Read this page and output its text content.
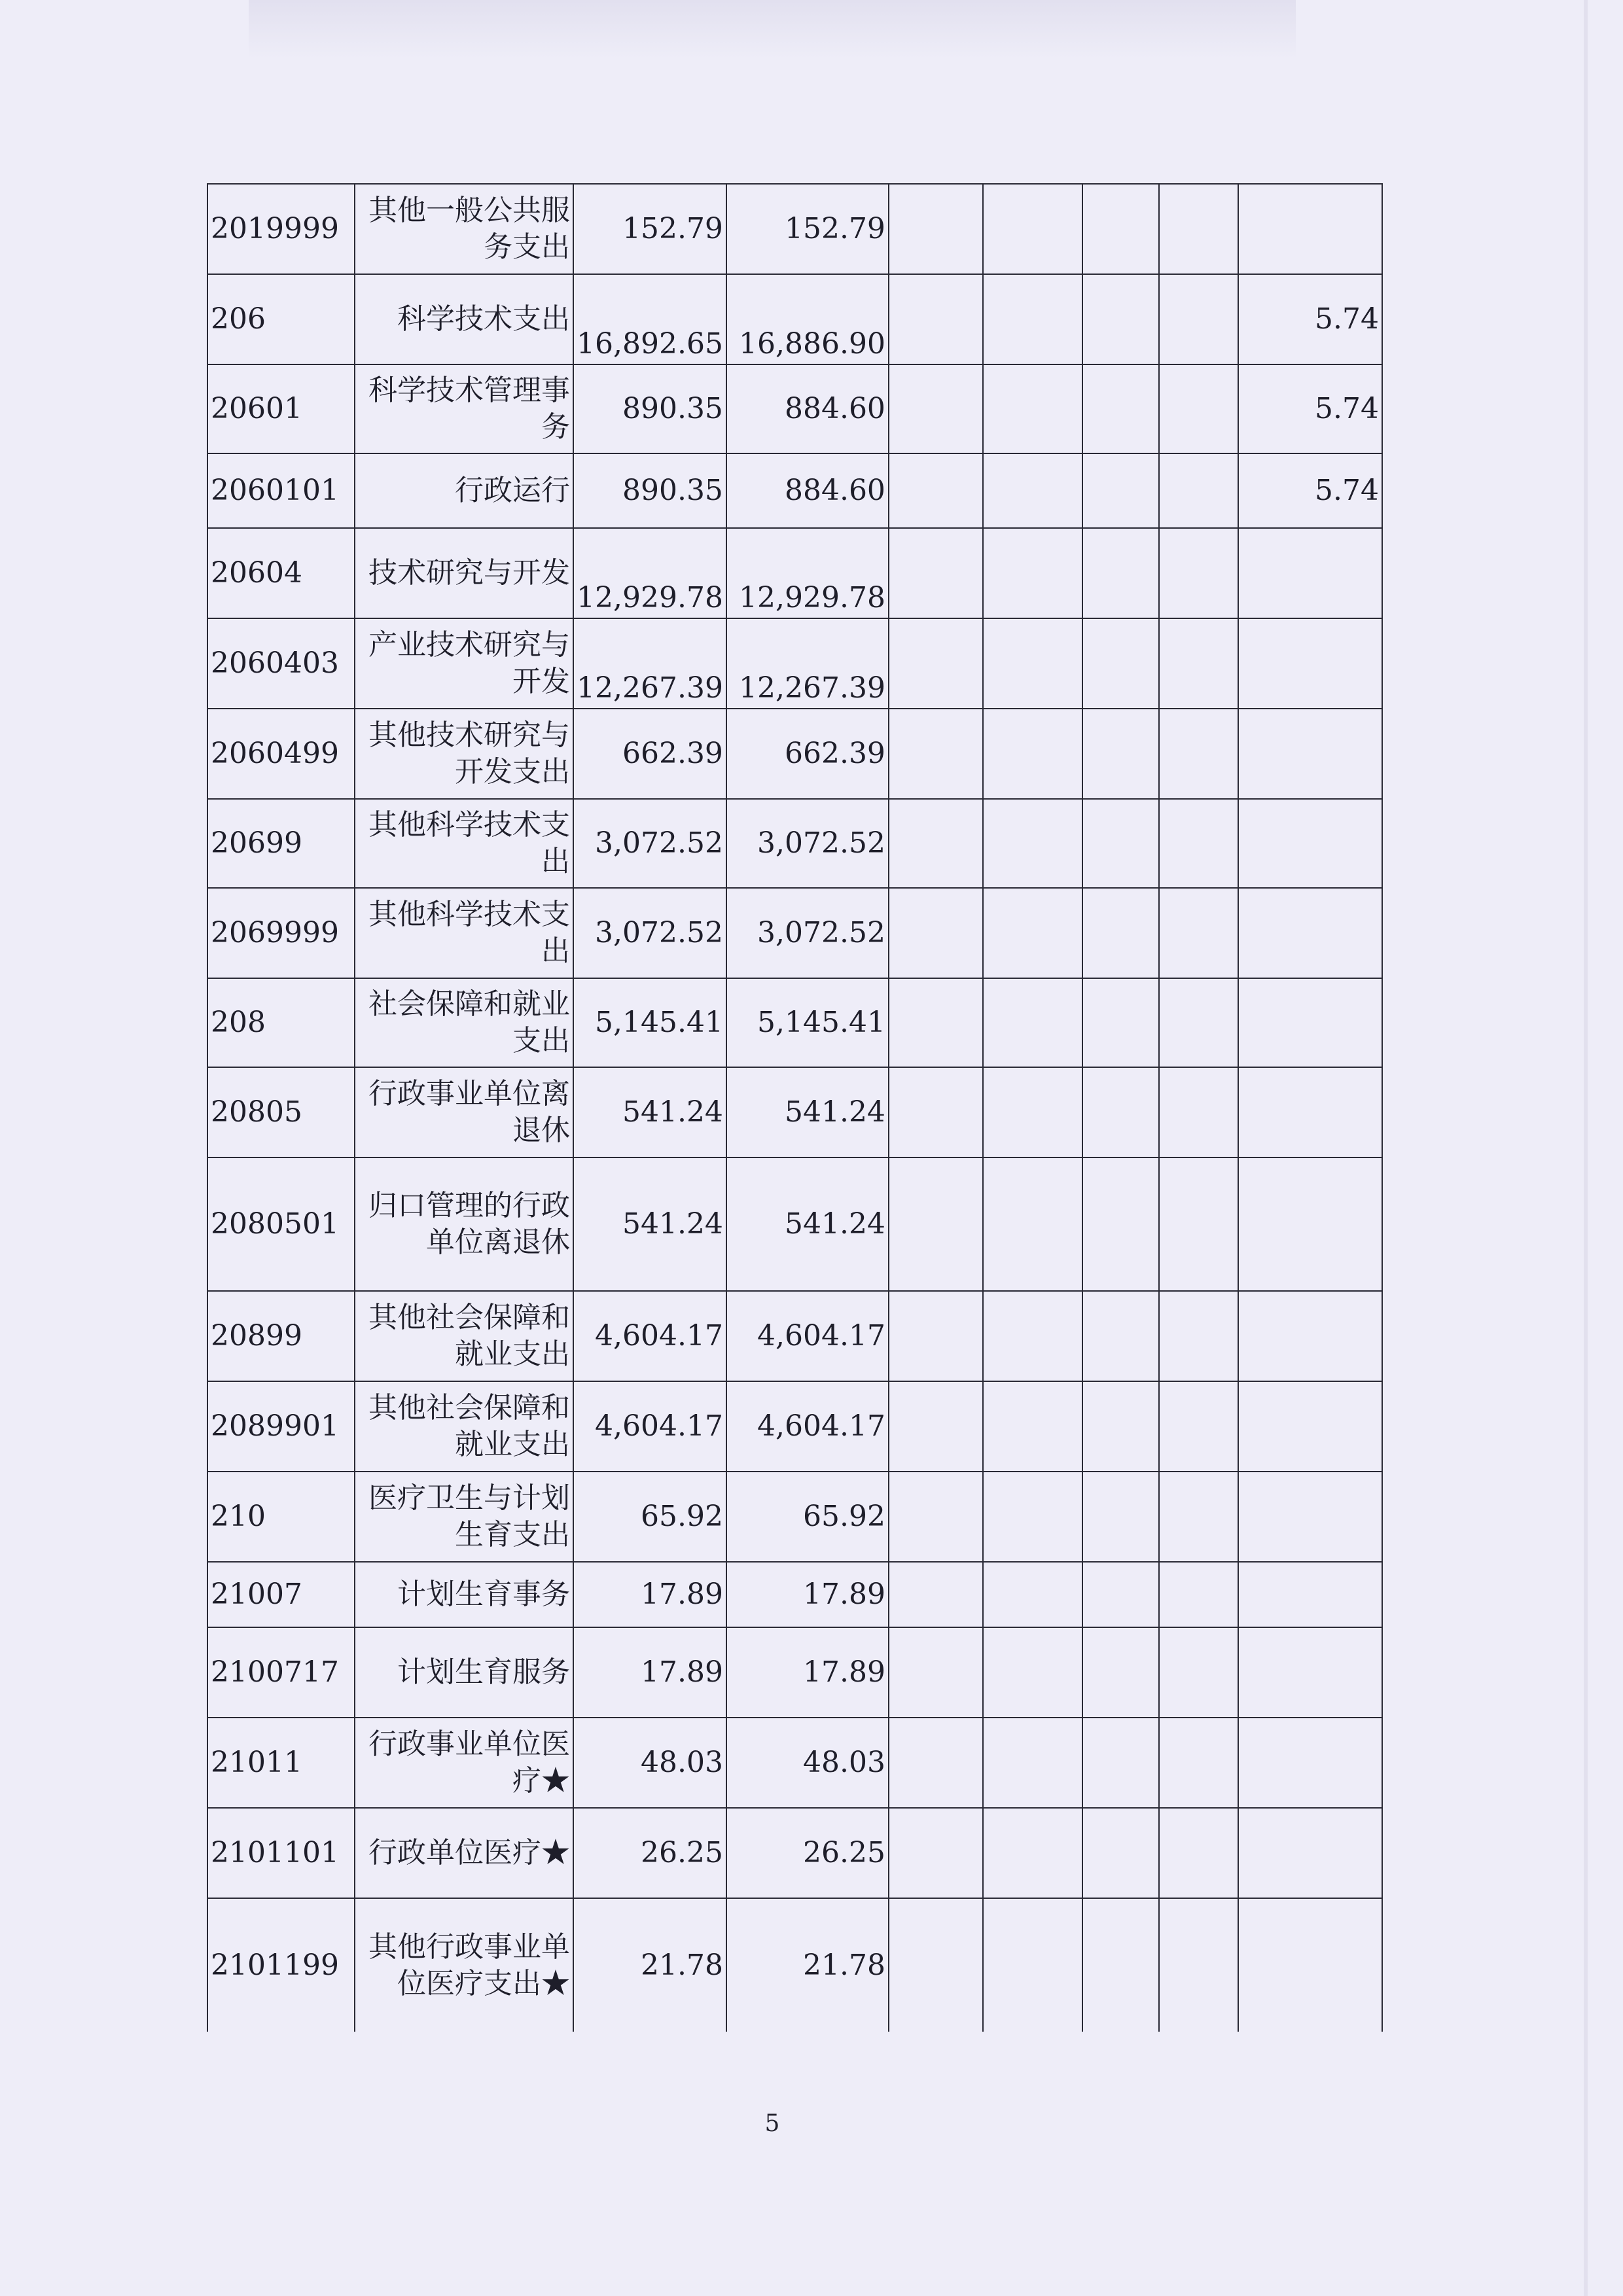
2019999	其他一般公共服务支出	152.79	152.79					
206	科学技术支出	16,892.65	16,886.90					5.74
20601	科学技术管理事务	890.35	884.60					5.74
2060101	行政运行	890.35	884.60					5.74
20604	技术研究与开发	12,929.78	12,929.78					
2060403	产业技术研究与开发	12,267.39	12,267.39					
2060499	其他技术研究与开发支出	662.39	662.39					
20699	其他科学技术支出	3,072.52	3,072.52					
2069999	其他科学技术支出	3,072.52	3,072.52					
208	社会保障和就业支出	5,145.41	5,145.41					
20805	行政事业单位离退休	541.24	541.24					
2080501	归口管理的行政单位离退休	541.24	541.24					
20899	其他社会保障和就业支出	4,604.17	4,604.17					
2089901	其他社会保障和就业支出	4,604.17	4,604.17					
210	医疗卫生与计划生育支出	65.92	65.92					
21007	计划生育事务	17.89	17.89					
2100717	计划生育服务	17.89	17.89					
21011	行政事业单位医疗★	48.03	48.03					
2101101	行政单位医疗★	26.25	26.25					
2101199	其他行政事业单位医疗支出★	21.78	21.78					
5
